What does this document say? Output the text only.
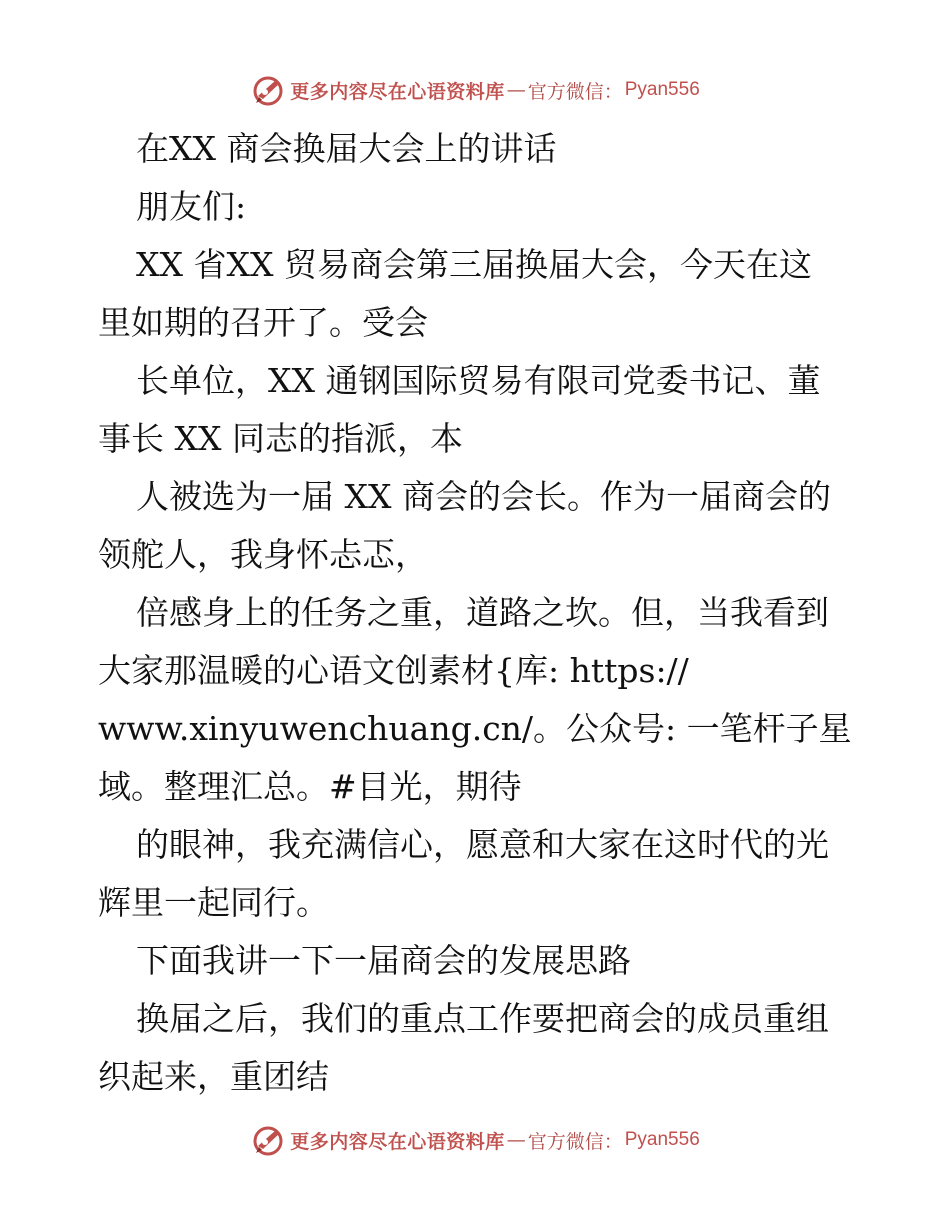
更多内容尽在心语资料库 — 官方微信： Pyan556
在XX 商会换届大会上的讲话
朋友们:
XX 省XX 贸易商会第三届换届大会，今天在这
里如期的召开了。受会
长单位，XX 通钢国际贸易有限司党委书记、董
事长 XX 同志的指派，本
人被选为一届 XX 商会的会长。作为一届商会的
领舵人，我身怀忐忑，
倍感身上的任务之重，道路之坎。但，当我看到
大家那温暖的心语文创素材{库: https://
www.xinyuwenchuang.cn/。公众号: 一笔杆子星
域。整理汇总。#目光，期待
的眼神，我充满信心，愿意和大家在这时代的光
辉里一起同行。
下面我讲一下一届商会的发展思路
换届之后，我们的重点工作要把商会的成员重组
织起来，重团结
更多内容尽在心语资料库 — 官方微信： Pyan556
